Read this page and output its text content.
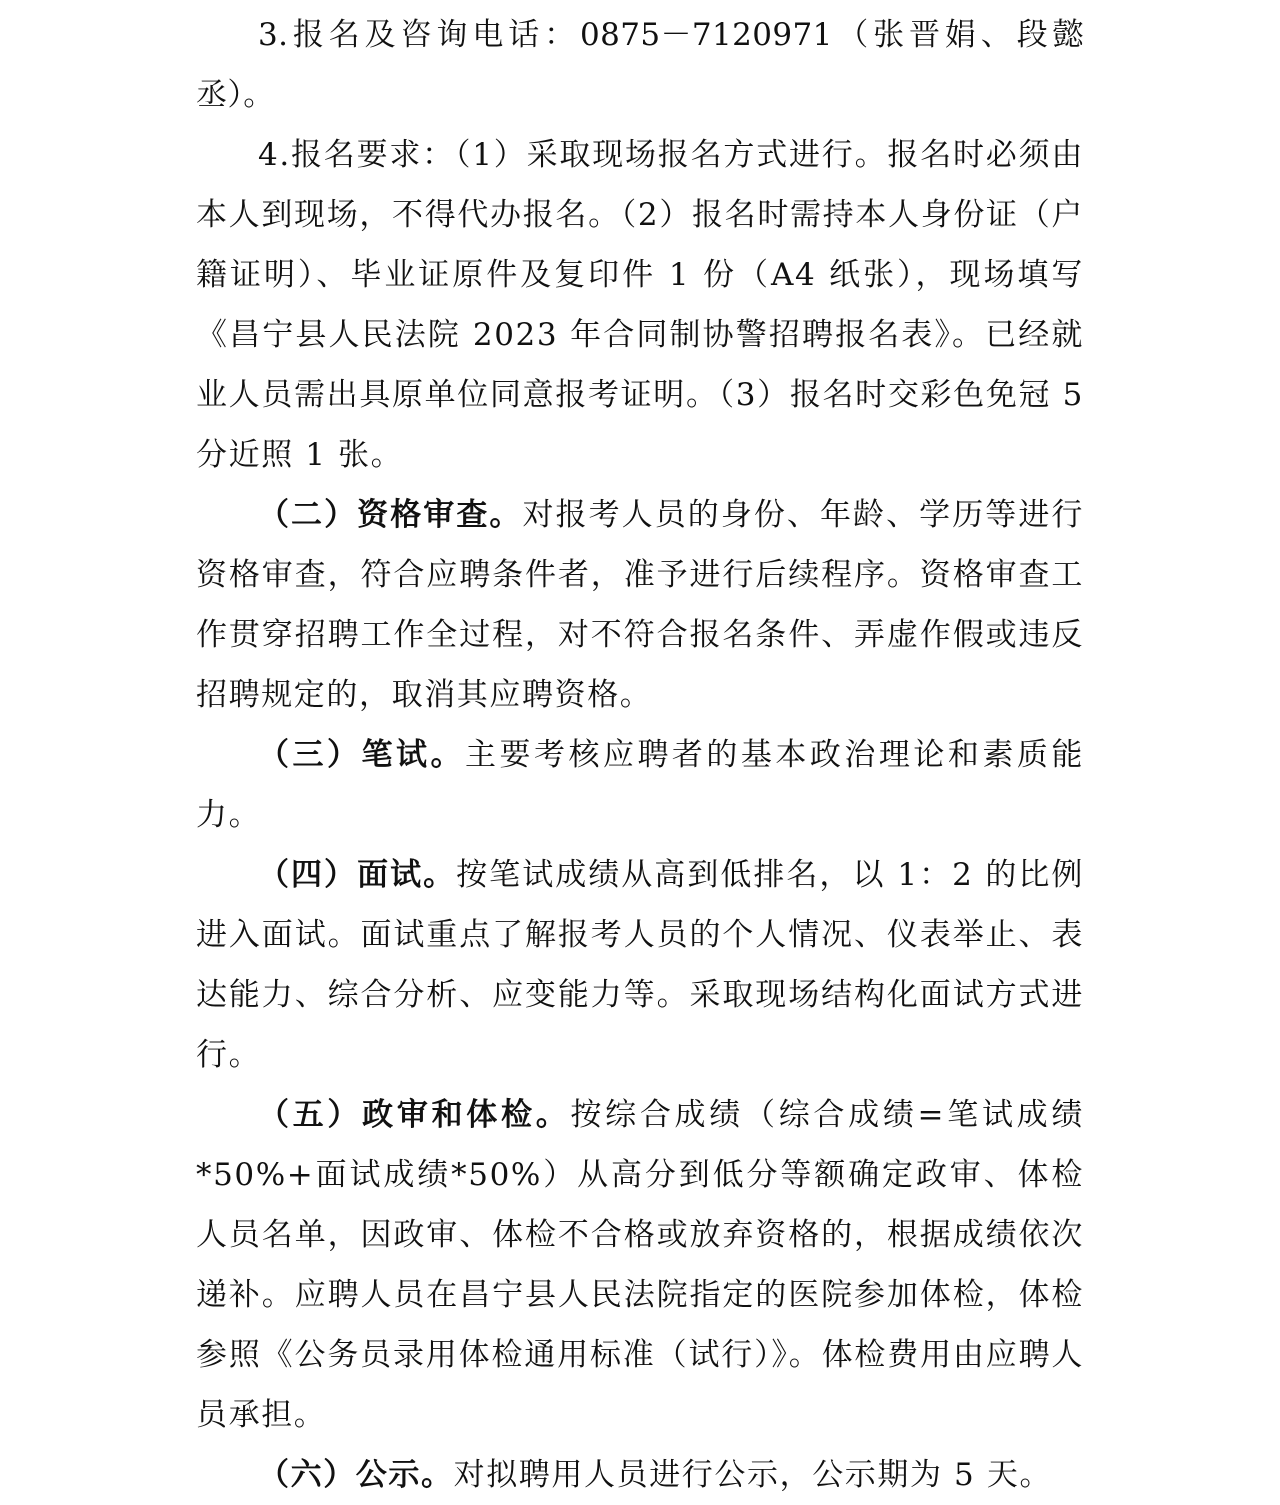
3.报名及咨询电话：0875－7120971（张晋娟、段懿丞）。

4.报名要求：（1）采取现场报名方式进行。报名时必须由本人到现场，不得代办报名。（2）报名时需持本人身份证（户籍证明）、毕业证原件及复印件 1 份（A4 纸张），现场填写《昌宁县人民法院 2023 年合同制协警招聘报名表》。已经就业人员需出具原单位同意报考证明。（3）报名时交彩色免冠 5 分近照 1 张。

（二）资格审查。对报考人员的身份、年龄、学历等进行资格审查，符合应聘条件者，准予进行后续程序。资格审查工作贯穿招聘工作全过程，对不符合报名条件、弄虚作假或违反招聘规定的，取消其应聘资格。

（三）笔试。主要考核应聘者的基本政治理论和素质能力。

（四）面试。按笔试成绩从高到低排名，以 1：2 的比例进入面试。面试重点了解报考人员的个人情况、仪表举止、表达能力、综合分析、应变能力等。采取现场结构化面试方式进行。

（五）政审和体检。按综合成绩（综合成绩=笔试成绩*50%+面试成绩*50%）从高分到低分等额确定政审、体检人员名单，因政审、体检不合格或放弃资格的，根据成绩依次递补。应聘人员在昌宁县人民法院指定的医院参加体检，体检参照《公务员录用体检通用标准（试行）》。体检费用由应聘人员承担。

（六）公示。对拟聘用人员进行公示，公示期为 5 天。
